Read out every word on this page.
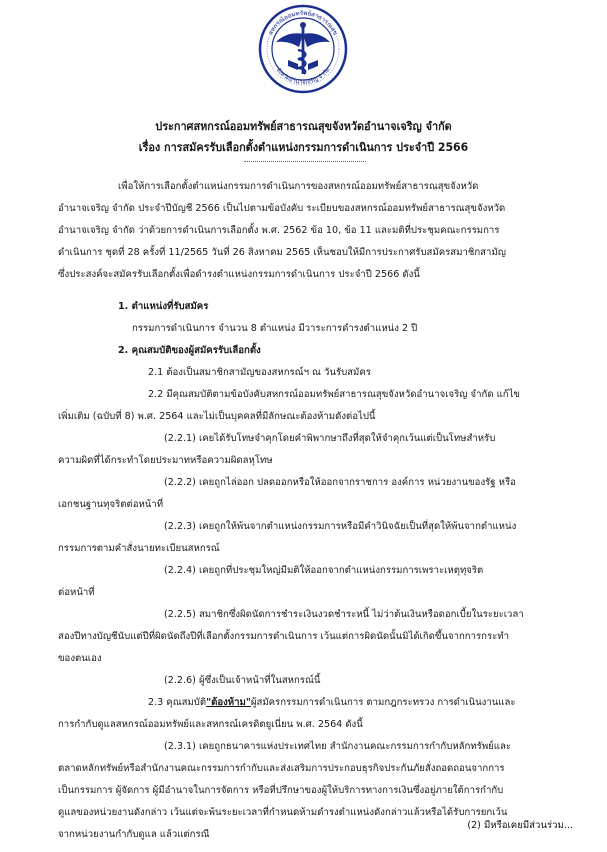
สหกรณ์ออมทรัพย์สาธารณสุข
จังหวัดอำนาจเจริญ จำกัด
ประกาศสหกรณ์ออมทรัพย์สาธารณสุขจังหวัดอำนาจเจริญ จำกัด
เรื่อง การสมัครรับเลือกตั้งตำแหน่งกรรมการดำเนินการ ประจำปี 2566
เพื่อให้การเลือกตั้งตำแหน่งกรรมการดำเนินการของสหกรณ์ออมทรัพย์สาธารณสุขจังหวัด
อำนาจเจริญ จำกัด ประจำปีบัญชี 2566 เป็นไปตามข้อบังคับ ระเบียบของสหกรณ์ออมทรัพย์สาธารณสุขจังหวัด
อำนาจเจริญ จำกัด ว่าด้วยการดำเนินการเลือกตั้ง พ.ศ. 2562 ข้อ 10, ข้อ 11 และมติที่ประชุมคณะกรรมการ
ดำเนินการ ชุดที่ 28 ครั้งที่ 11/2565 วันที่ 26 สิงหาคม 2565 เห็นชอบให้มีการประกาศรับสมัครสมาชิกสามัญ
ซึ่งประสงค์จะสมัครรับเลือกตั้งเพื่อดำรงตำแหน่งกรรมการดำเนินการ ประจำปี 2566 ดังนี้
1. ตำแหน่งที่รับสมัคร
กรรมการดำเนินการ จำนวน 8 ตำแหน่ง มีวาระการดำรงตำแหน่ง 2 ปี
2. คุณสมบัติของผู้สมัครรับเลือกตั้ง
2.1 ต้องเป็นสมาชิกสามัญของสหกรณ์ฯ ณ วันรับสมัคร
2.2 มีคุณสมบัติตามข้อบังคับสหกรณ์ออมทรัพย์สาธารณสุขจังหวัดอำนาจเจริญ จำกัด แก้ไข
เพิ่มเติม (ฉบับที่ 8) พ.ศ. 2564 และไม่เป็นบุคคลที่มีลักษณะต้องห้ามดังต่อไปนี้
(2.2.1) เคยได้รับโทษจำคุกโดยคำพิพากษาถึงที่สุดให้จำคุกเว้นแต่เป็นโทษสำหรับ
ความผิดที่ได้กระทำโดยประมาทหรือความผิดลหุโทษ
(2.2.2) เคยถูกไล่ออก ปลดออกหรือให้ออกจากราชการ องค์การ หน่วยงานของรัฐ หรือ
เอกชนฐานทุจริตต่อหน้าที่
(2.2.3) เคยถูกให้พ้นจากตำแหน่งกรรมการหรือมีคำวินิจฉัยเป็นที่สุดให้พ้นจากตำแหน่ง
กรรมการตามคำสั่งนายทะเบียนสหกรณ์
(2.2.4) เคยถูกที่ประชุมใหญ่มีมติให้ออกจากตำแหน่งกรรมการเพราะเหตุทุจริต
ต่อหน้าที่
(2.2.5) สมาชิกซึ่งผิดนัดการชำระเงินงวดชำระหนี้ ไม่ว่าต้นเงินหรือดอกเบี้ยในระยะเวลา
สองปีทางบัญชีนับแต่ปีที่ผิดนัดถึงปีที่เลือกตั้งกรรมการดำเนินการ เว้นแต่การผิดนัดนั้นมิได้เกิดขึ้นจากการกระทำ
ของตนเอง
(2.2.6) ผู้ซึ่งเป็นเจ้าหน้าที่ในสหกรณ์นี้
2.3 คุณสมบัติ"ต้องห้าม"ผู้สมัครกรรมการดำเนินการ ตามกฎกระทรวง การดำเนินงานและ
การกำกับดูแลสหกรณ์ออมทรัพย์และสหกรณ์เครดิตยูเนี่ยน พ.ศ. 2564 ดังนี้
(2.3.1) เคยถูกธนาคารแห่งประเทศไทย สำนักงานคณะกรรมการกำกับหลักทรัพย์และ
ตลาดหลักทรัพย์หรือสำนักงานคณะกรรมการกำกับและส่งเสริมการประกอบธุรกิจประกันภัยสั่งถอดถอนจากการ
เป็นกรรมการ ผู้จัดการ ผู้มีอำนาจในการจัดการ หรือที่ปรึกษาของผู้ให้บริการทางการเงินซึ่งอยู่ภายใต้การกำกับ
ดูแลของหน่วยงานดังกล่าว เว้นแต่จะพ้นระยะเวลาที่กำหนดห้ามดำรงตำแหน่งดังกล่าวแล้วหรือได้รับการยกเว้น
จากหน่วยงานกำกับดูแล แล้วแต่กรณี
(2) มีหรือเคยมีส่วนร่วม...
